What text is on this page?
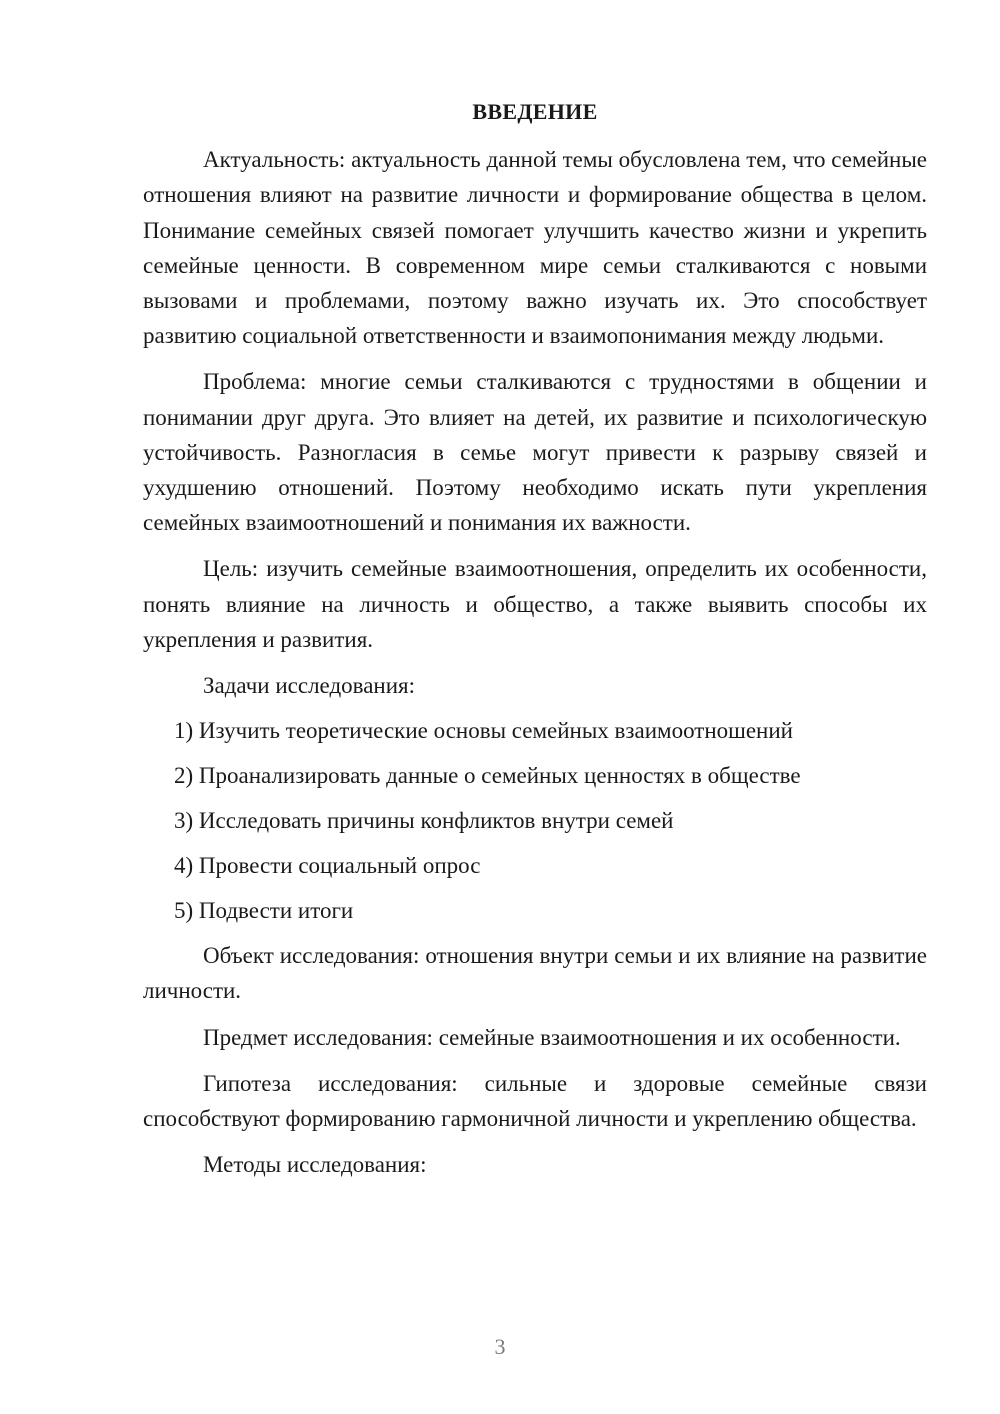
ВВЕДЕНИЕ

Актуальность: актуальность данной темы обусловлена тем, что семейные отношения влияют на развитие личности и формирование общества в целом. Понимание семейных связей помогает улучшить качество жизни и укрепить семейные ценности. В современном мире семьи сталкиваются с новыми вызовами и проблемами, поэтому важно изучать их. Это способствует развитию социальной ответственности и взаимопонимания между людьми.

Проблема: многие семьи сталкиваются с трудностями в общении и понимании друг друга. Это влияет на детей, их развитие и психологическую устойчивость. Разногласия в семье могут привести к разрыву связей и ухудшению отношений. Поэтому необходимо искать пути укрепления семейных взаимоотношений и понимания их важности.

Цель: изучить семейные взаимоотношения, определить их особенности, понять влияние на личность и общество, а также выявить способы их укрепления и развития.

Задачи исследования:

1) Изучить теоретические основы семейных взаимоотношений
2) Проанализировать данные о семейных ценностях в обществе
3) Исследовать причины конфликтов внутри семей
4) Провести социальный опрос
5) Подвести итоги

Объект исследования: отношения внутри семьи и их влияние на развитие личности.

Предмет исследования: семейные взаимоотношения и их особенности.

Гипотеза исследования: сильные и здоровые семейные связи способствуют формированию гармоничной личности и укреплению общества.

Методы исследования:

3
